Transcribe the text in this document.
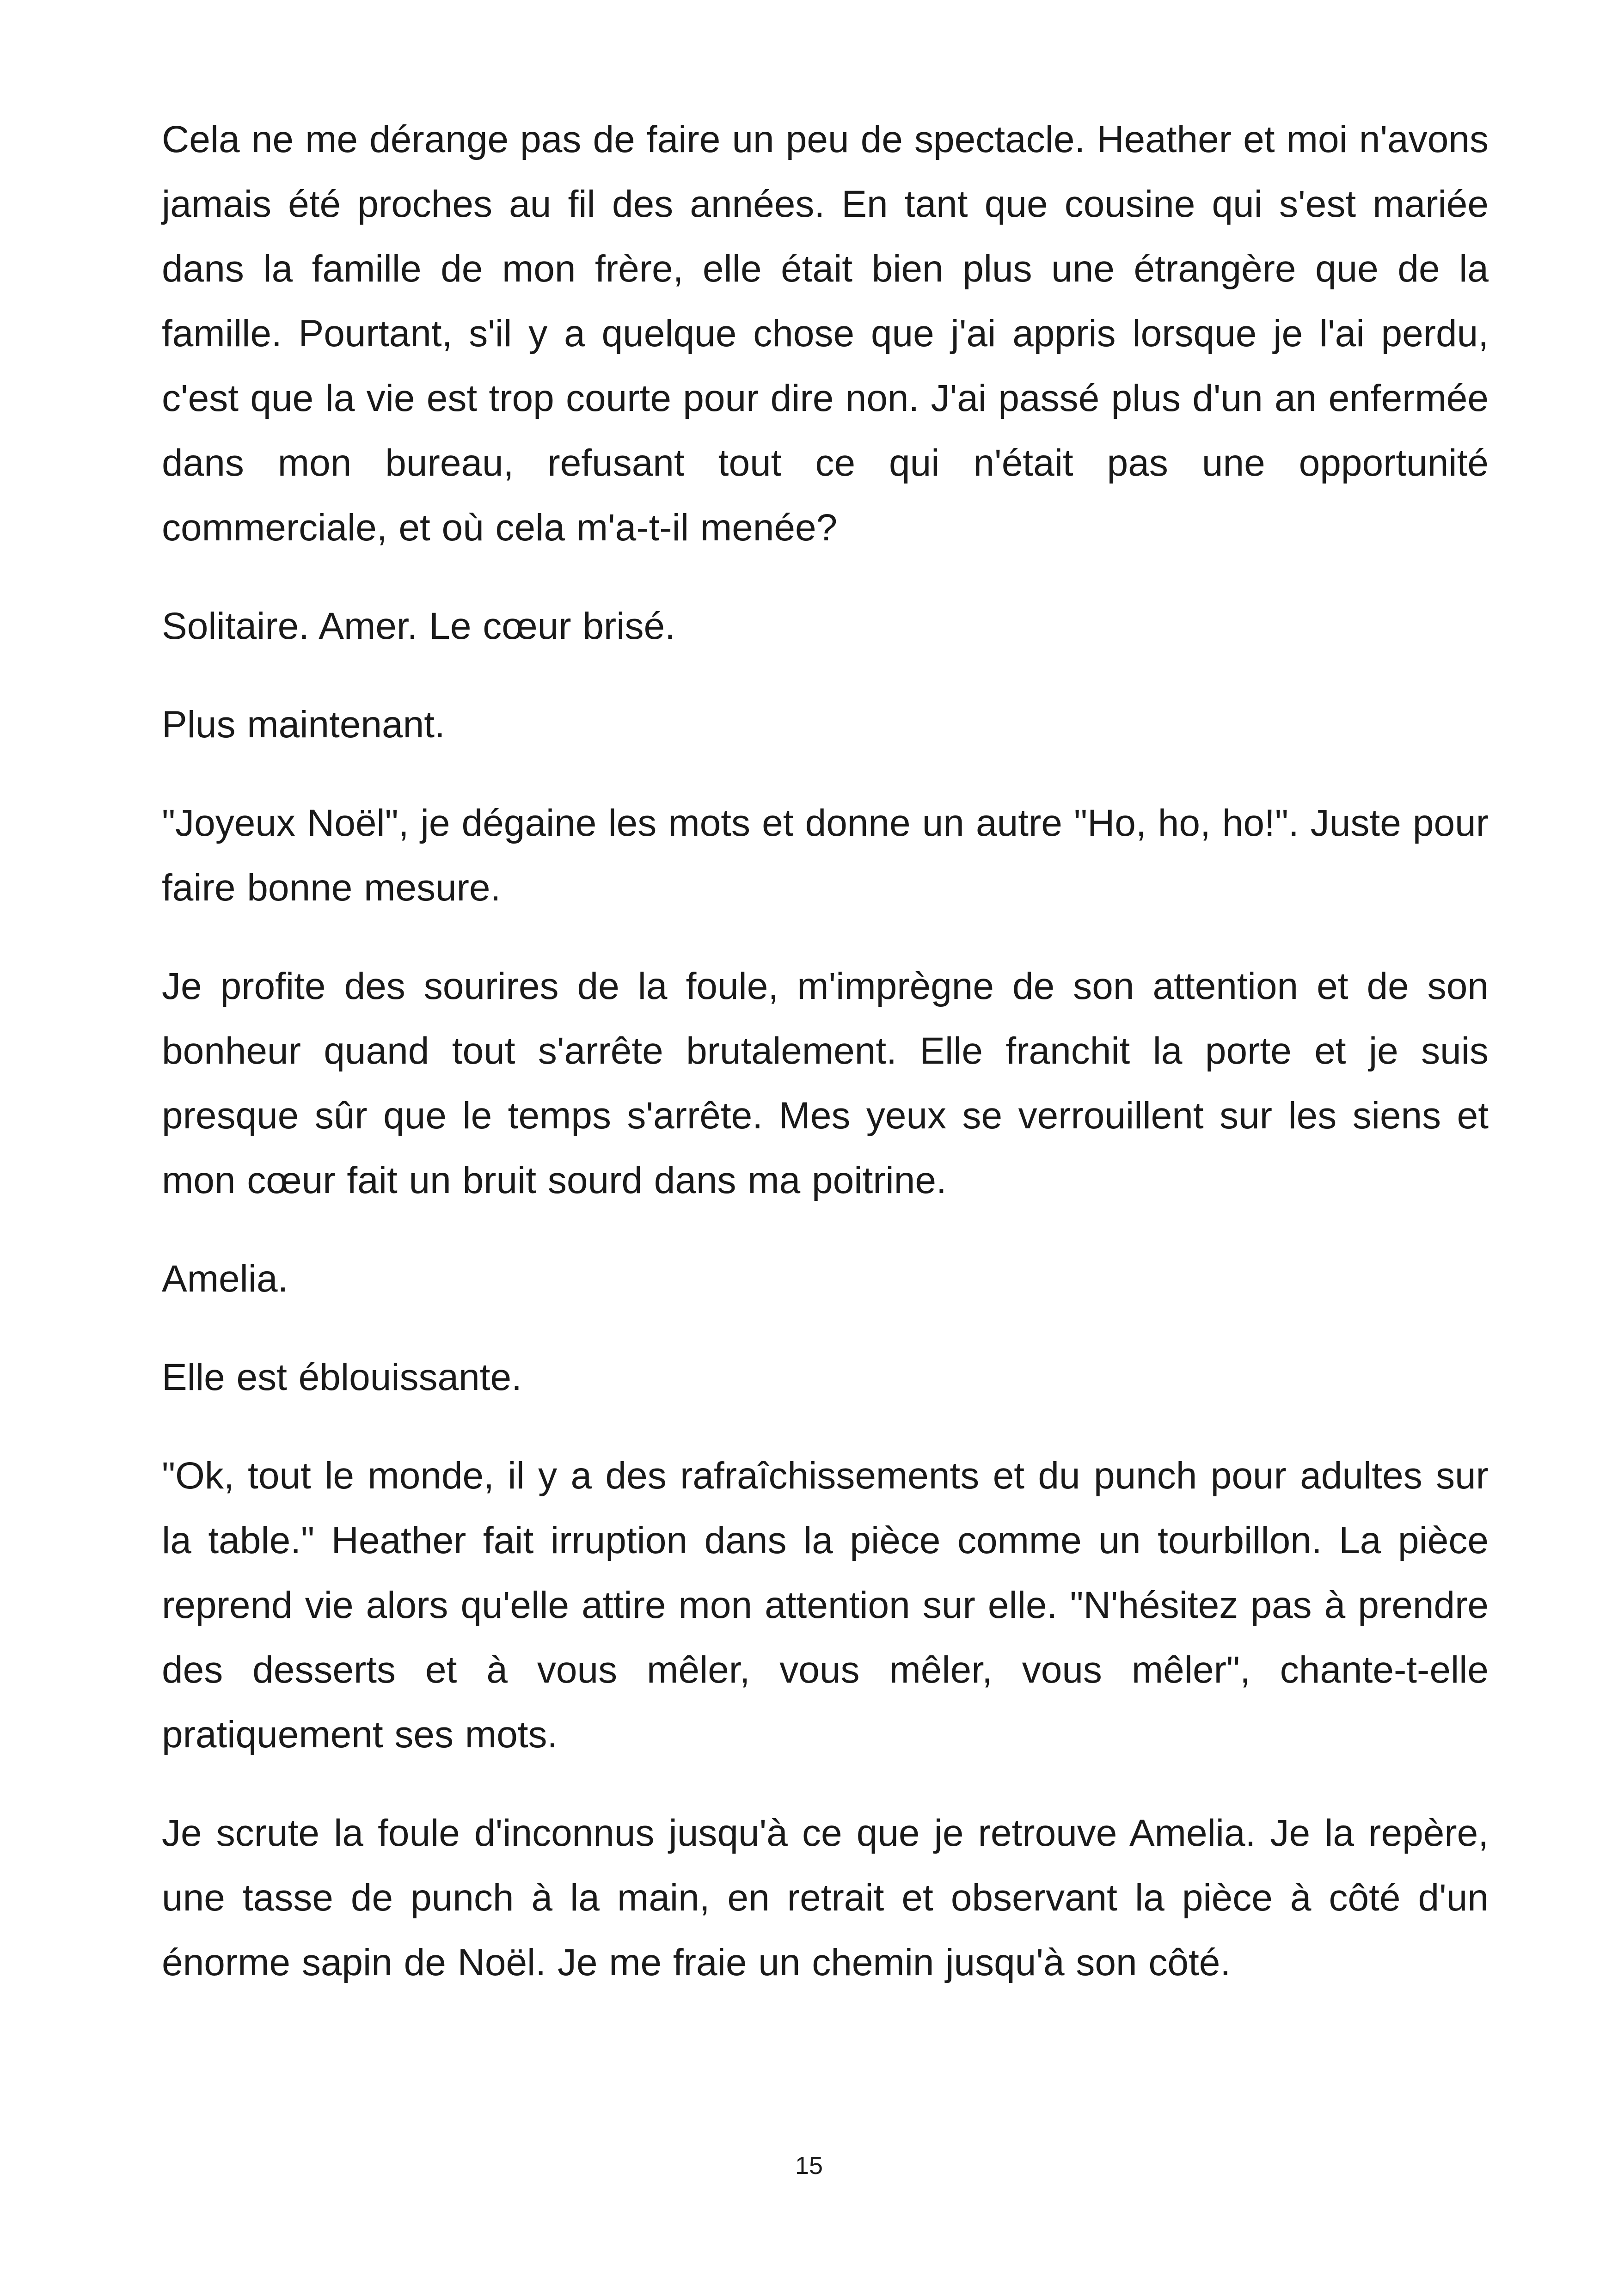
Cela ne me dérange pas de faire un peu de spectacle. Heather et moi n'avons jamais été proches au fil des années. En tant que cousine qui s'est mariée dans la famille de mon frère, elle était bien plus une étrangère que de la famille. Pourtant, s'il y a quelque chose que j'ai appris lorsque je l'ai perdu, c'est que la vie est trop courte pour dire non. J'ai passé plus d'un an enfermée dans mon bureau, refusant tout ce qui n'était pas une opportunité commerciale, et où cela m'a-t-il menée?

Solitaire. Amer. Le cœur brisé.

Plus maintenant.

"Joyeux Noël", je dégaine les mots et donne un autre "Ho, ho, ho!". Juste pour faire bonne mesure.

Je profite des sourires de la foule, m'imprègne de son attention et de son bonheur quand tout s'arrête brutalement. Elle franchit la porte et je suis presque sûr que le temps s'arrête. Mes yeux se verrouillent sur les siens et mon cœur fait un bruit sourd dans ma poitrine.

Amelia.

Elle est éblouissante.

"Ok, tout le monde, il y a des rafraîchissements et du punch pour adultes sur la table." Heather fait irruption dans la pièce comme un tourbillon. La pièce reprend vie alors qu'elle attire mon attention sur elle. "N'hésitez pas à prendre des desserts et à vous mêler, vous mêler, vous mêler", chante-t-elle pratiquement ses mots.

Je scrute la foule d'inconnus jusqu'à ce que je retrouve Amelia. Je la repère, une tasse de punch à la main, en retrait et observant la pièce à côté d'un énorme sapin de Noël. Je me fraie un chemin jusqu'à son côté.

15
